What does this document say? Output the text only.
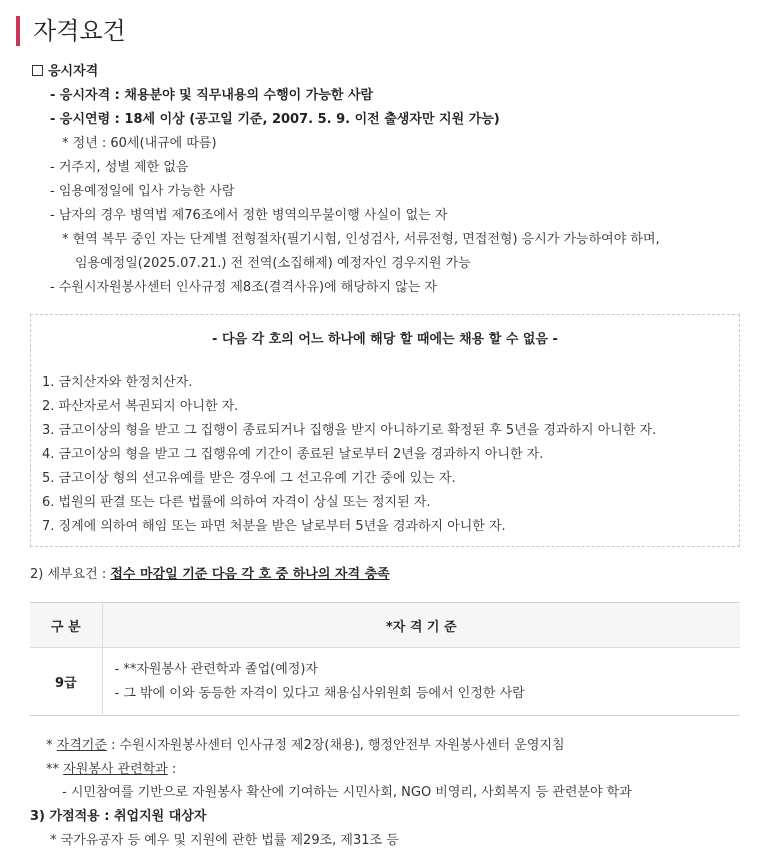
자격요건
응시자격
- 응시자격 : 채용분야 및 직무내용의 수행이 가능한 사람
- 응시연령 : 18세 이상 (공고일 기준, 2007. 5. 9. 이전 출생자만 지원 가능)
* 정년 : 60세(내규에 따름)
- 거주지, 성별 제한 없음
- 임용예정일에 입사 가능한 사람
- 남자의 경우 병역법 제76조에서 정한 병역의무불이행 사실이 없는 자
* 현역 복무 중인 자는 단계별 전형절차(필기시험, 인성검사, 서류전형, 면접전형) 응시가 가능하여야 하며,
임용예정일(2025.07.21.) 전 전역(소집해제) 예정자인 경우지원 가능
- 수원시자원봉사센터 인사규정 제8조(결격사유)에 해당하지 않는 자
- 다음 각 호의 어느 하나에 해당 할 때에는 채용 할 수 없음 -
1. 금치산자와 한정치산자.
2. 파산자로서 복권되지 아니한 자.
3. 금고이상의 형을 받고 그 집행이 종료되거나 집행을 받지 아니하기로 확정된 후 5년을 경과하지 아니한 자.
4. 금고이상의 형을 받고 그 집행유예 기간이 종료된 날로부터 2년을 경과하지 아니한 자.
5. 금고이상 형의 선고유예를 받은 경우에 그 선고유예 기간 중에 있는 자.
6. 법원의 판결 또는 다른 법률에 의하여 자격이 상실 또는 정지된 자.
7. 징계에 의하여 해임 또는 파면 처분을 받은 날로부터 5년을 경과하지 아니한 자.
2) 세부요건 : 접수 마감일 기준 다음 각 호 중 하나의 자격 충족
구 분	*자 격 기 준
9급	- **자원봉사 관련학과 졸업(예정)자
- 그 밖에 이와 동등한 자격이 있다고 채용심사위원회 등에서 인정한 사람
* 자격기준 : 수원시자원봉사센터 인사규정 제2장(채용), 행정안전부 자원봉사센터 운영지침
** 자원봉사 관련학과 :
- 시민참여를 기반으로 자원봉사 확산에 기여하는 시민사회, NGO 비영리, 사회복지 등 관련분야 학과
3) 가점적용 : 취업지원 대상자
* 국가유공자 등 예우 및 지원에 관한 법률 제29조, 제31조 등
